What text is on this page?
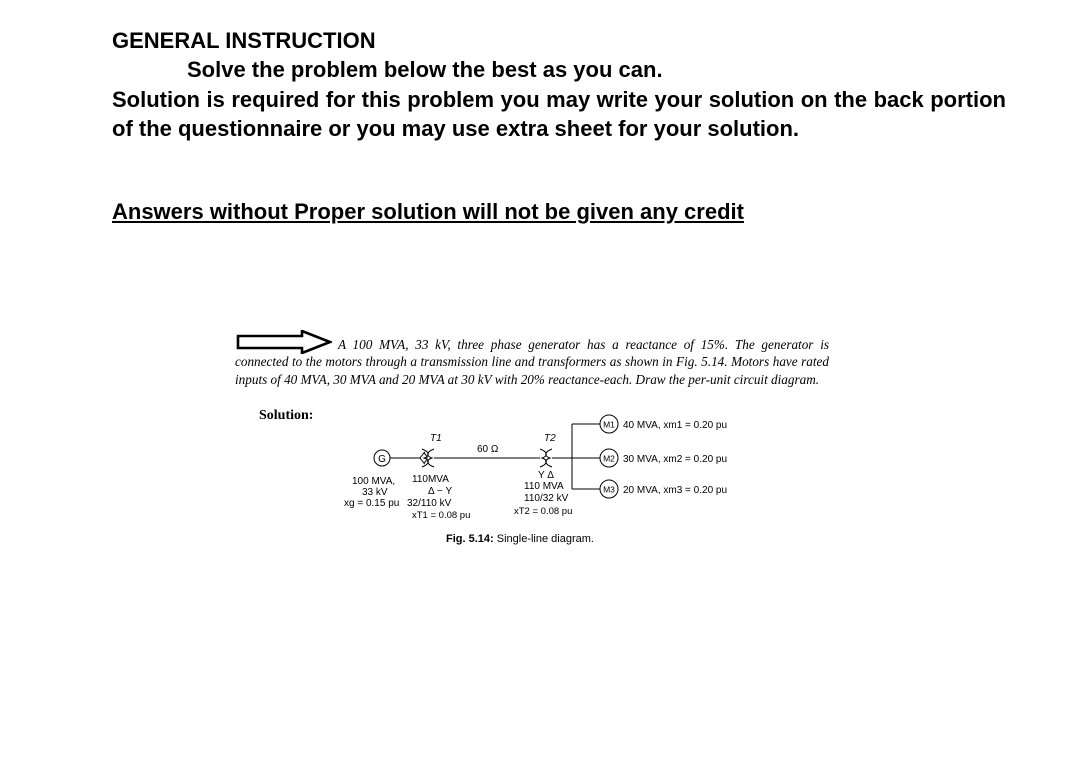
GENERAL INSTRUCTION
Solve the problem below the best as you can.
Solution is required for this problem you may write your solution on the back portion of the questionnaire or you may use extra sheet for your solution.
Answers without Proper solution will not be given any credit
A 100 MVA, 33 kV, three phase generator has a reactance of 15%. The generator is connected to the motors through a transmission line and transformers as shown in Fig. 5.14. Motors have rated inputs of 40 MVA, 30 MVA and 20 MVA at 30 kV with 20% reactance-each. Draw the per-unit circuit diagram.
Solution:
G
100 MVA,
33 kV
xg = 0.15 pu
T1
110MVA
Δ − Y
32/110 kV
xT1 = 0.08 pu
60 Ω
T2
Y Δ
110 MVA
110/32 kV
xT2 = 0.08 pu
M1
M2
M3
40 MVA, xm1 = 0.20 pu
30 MVA, xm2 = 0.20 pu
20 MVA, xm3 = 0.20 pu
Fig. 5.14: Single-line diagram.
